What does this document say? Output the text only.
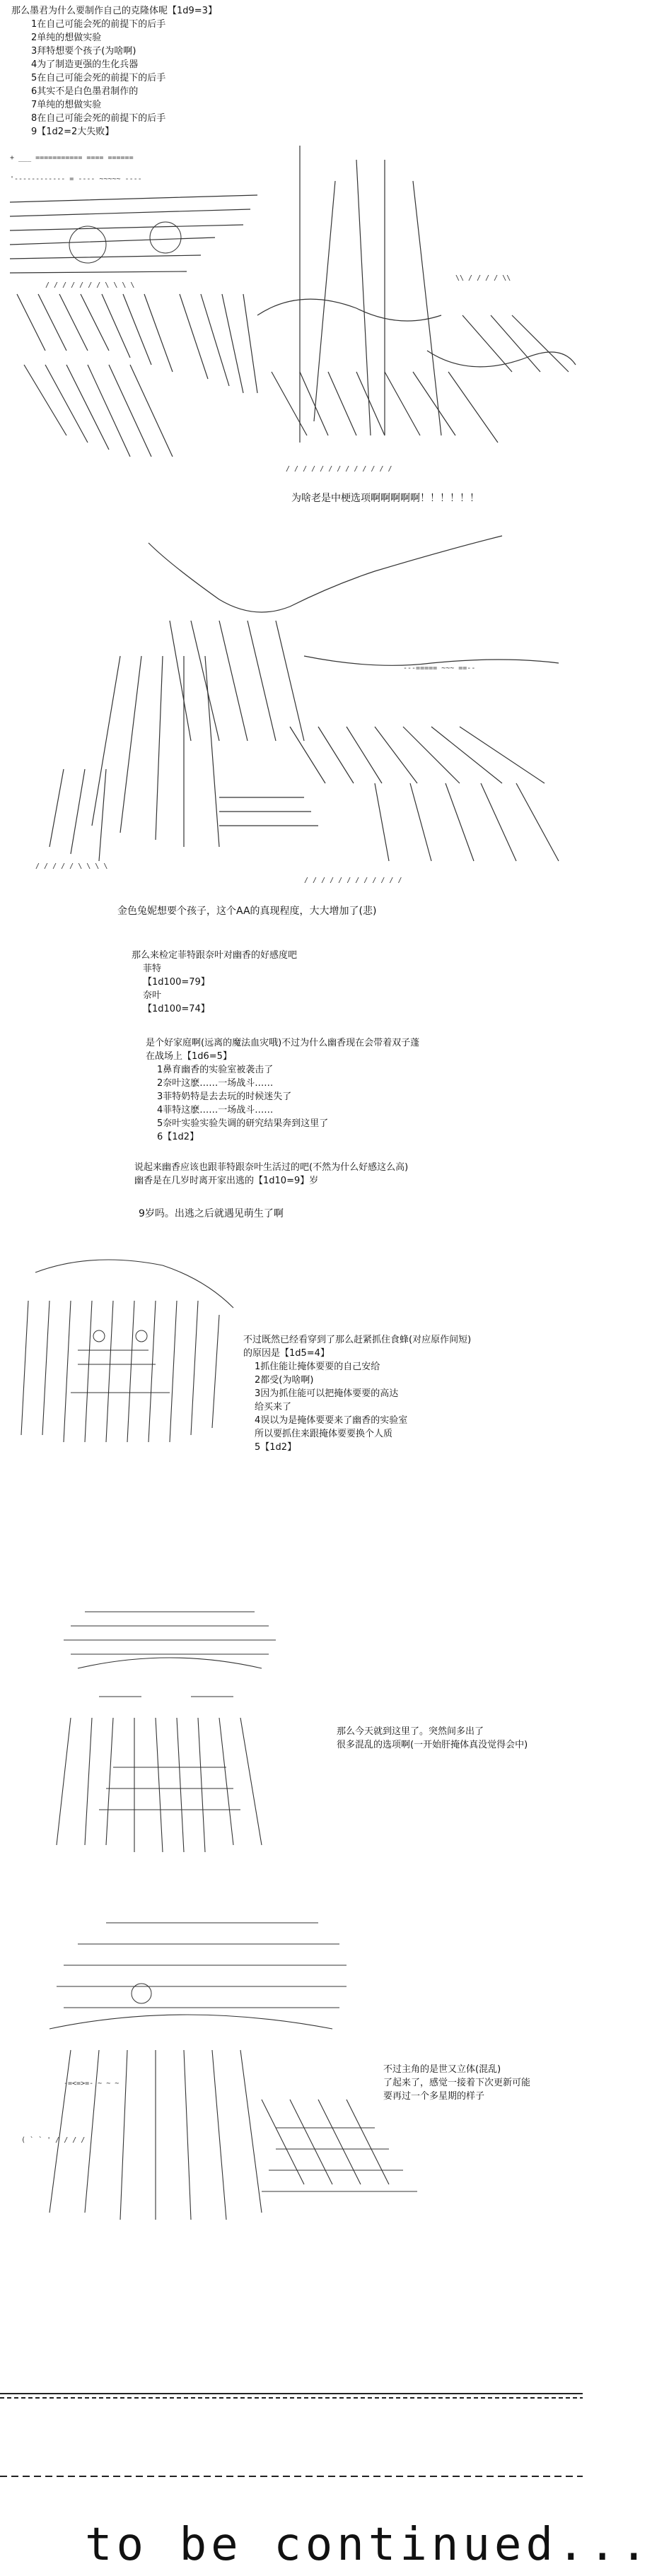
那么墨君为什么要制作自己的克隆体呢【1d9=3】
1在自己可能会死的前提下的后手
2单纯的想做实验
3拜特想要个孩子(为啥啊)
4为了制造更强的生化兵器
5在自己可能会死的前提下的后手
6其实不是白色墨君制作的
7单纯的想做实验
8在自己可能会死的前提下的后手
9【1d2=2大失败】
+ ___ =========== ==== ======
'------------ = ---- ~~~~~ ----
/ / / / / / / \ \ \ \
/ / / / / / / / / / / / /
\\ / / / / \\
为啥老是中梗选项啊啊啊啊啊！！！！！！
---===== ~~~ ==--
/ / / / / \ \ \ \
/ / / / / / / / / / / /
金色兔妮想要个孩子，这个AA的真现程度，大大增加了(悲)
那么来检定菲特跟奈叶对幽香的好感度吧
菲特
【1d100=79】
奈叶
【1d100=74】
是个好家庭啊(远离的魔法血灾哦)不过为什么幽香现在会带着双子蓬
在战场上【1d6=5】
1鼻育幽香的实验室被袭击了
2奈叶这麽……一场战斗……
3菲特奶特是去去玩的时候迷失了
4菲特这麽……一场战斗……
5奈叶实验实验失调的研究结果奔到这里了
6【1d2】
说起来幽香应该也跟菲特跟奈叶生活过的吧(不然为什么好感这么高)
幽香是在几岁时离开家出逃的【1d10=9】岁
9岁吗。出逃之后就遇见萌生了啊
不过既然已经看穿到了那么赶紧抓住食蜂(对应原作间短)
的原因是【1d5=4】
1抓住能让掩体要要的自己安给
2都受(为啥啊)
3因为抓住能可以把掩体要要的高达
给买来了
4误以为是掩体要要来了幽香的实验室
所以要抓住来跟掩体要要换个人质
5【1d2】
那么今天就到这里了。突然间多出了
很多混乱的选项啊(一开始肝掩体真没觉得会中)
-=<=>=- ~ ~ ~
( ` ` ' / / / /
不过主角的是世又立体(混乱)
了起来了，感觉一接着下次更新可能
要再过一个多星期的样子
to be continued...
